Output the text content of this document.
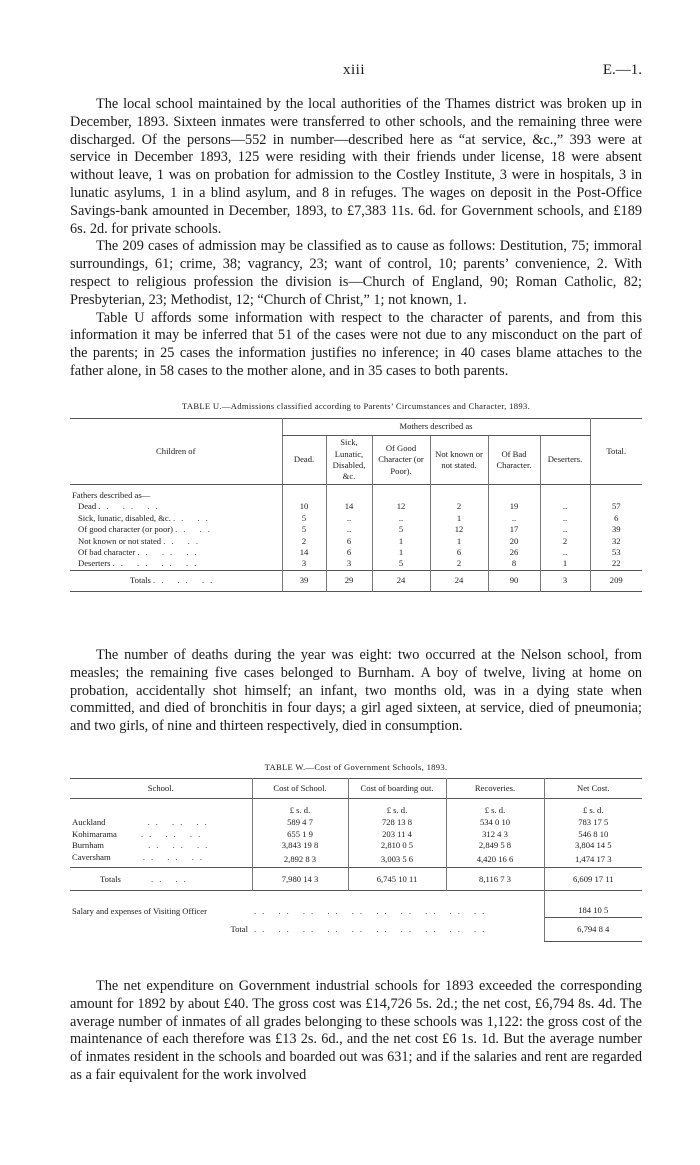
xiii	E.—1.

The local school maintained by the local authorities of the Thames district was broken up in December, 1893. Sixteen inmates were transferred to other schools, and the remaining three were discharged. Of the persons—552 in number—described here as “at service, &c.,” 393 were at service in December 1893, 125 were residing with their friends under license, 18 were absent without leave, 1 was on probation for admission to the Costley Institute, 3 were in hospitals, 3 in lunatic asylums, 1 in a blind asylum, and 8 in refuges. The wages on deposit in the Post-Office Savings-bank amounted in December, 1893, to £7,383 11s. 6d. for Government schools, and £189 6s. 2d. for private schools.

The 209 cases of admission may be classified as to cause as follows: Destitution, 75; immoral surroundings, 61; crime, 38; vagrancy, 23; want of control, 10; parents’ convenience, 2. With respect to religious profession the division is—Church of England, 90; Roman Catholic, 82; Presbyterian, 23; Methodist, 12; “Church of Christ,” 1; not known, 1.

Table U affords some information with respect to the character of parents, and from this information it may be inferred that 51 of the cases were not due to any misconduct on the part of the parents; in 25 cases the information justifies no inference; in 40 cases blame attaches to the father alone, in 58 cases to the mother alone, and in 35 cases to both parents.

TABLE U.—Admissions classified according to Parents’ Circumstances and Character, 1893.
Children of	Mothers described as						Total.
	Dead.	Sick, Lunatic, Disabled, &c.	Of Good Character (or Poor).	Not known or not stated.	Of Bad Character.	Deserters.	
Fathers described as—							
Dead .. .. ..	10	14	12	2	19	..	57
Sick, lunatic, disabled, &c. .. ..	5	..	..	1	..	..	6
Of good character (or poor) .. ..	5	..	5	12	17	..	39
Not known or not stated .. ..	2	6	1	1	20	2	32
Of bad character .. .. ..	14	6	1	6	26	..	53
Deserters .. .. .. ..	3	3	5	2	8	1	22
Totals .. .. ..	39	29	24	24	90	3	209

The number of deaths during the year was eight: two occurred at the Nelson school, from measles; the remaining five cases belonged to Burnham. A boy of twelve, living at home on probation, accidentally shot himself; an infant, two months old, was in a dying state when committed, and died of bronchitis in four days; a girl aged sixteen, at service, died of pneumonia; and two girls, of nine and thirteen respectively, died in consumption.

TABLE W.—Cost of Government Schools, 1893.
School.	Cost of School.	Cost of boarding out.	Recoveries.	Net Cost.
	£ s. d.	£ s. d.	£ s. d.	£ s. d.
Auckland .. .. ..	589 4 7	728 13 8	534 0 10	783 17 5
Kohimarama .. .. ..	655 1 9	203 11 4	312 4 3	546 8 10
Burnham .. .. ..	3,843 19 8	2,810 0 5	2,849 5 8	3,804 14 5
Caversham .. .. ..	2,892 8 3	3,003 5 6	4,420 16 6	1,474 17 3
Totals .. ..	7,980 14 3	6,745 10 11	8,116 7 3	6,609 17 11
Salary and expenses of Visiting Officer	.. .. .. .. .. .. .. .. .. ..			184 10 5
Total	.. .. .. .. .. .. .. .. .. ..			6,794 8 4

The net expenditure on Government industrial schools for 1893 exceeded the corresponding amount for 1892 by about £40. The gross cost was £14,726 5s. 2d.; the net cost, £6,794 8s. 4d. The average number of inmates of all grades belonging to these schools was 1,122: the gross cost of the maintenance of each therefore was £13 2s. 6d., and the net cost £6 1s. 1d. But the average number of inmates resident in the schools and boarded out was 631; and if the salaries and rent are regarded as a fair equivalent for the work involved
